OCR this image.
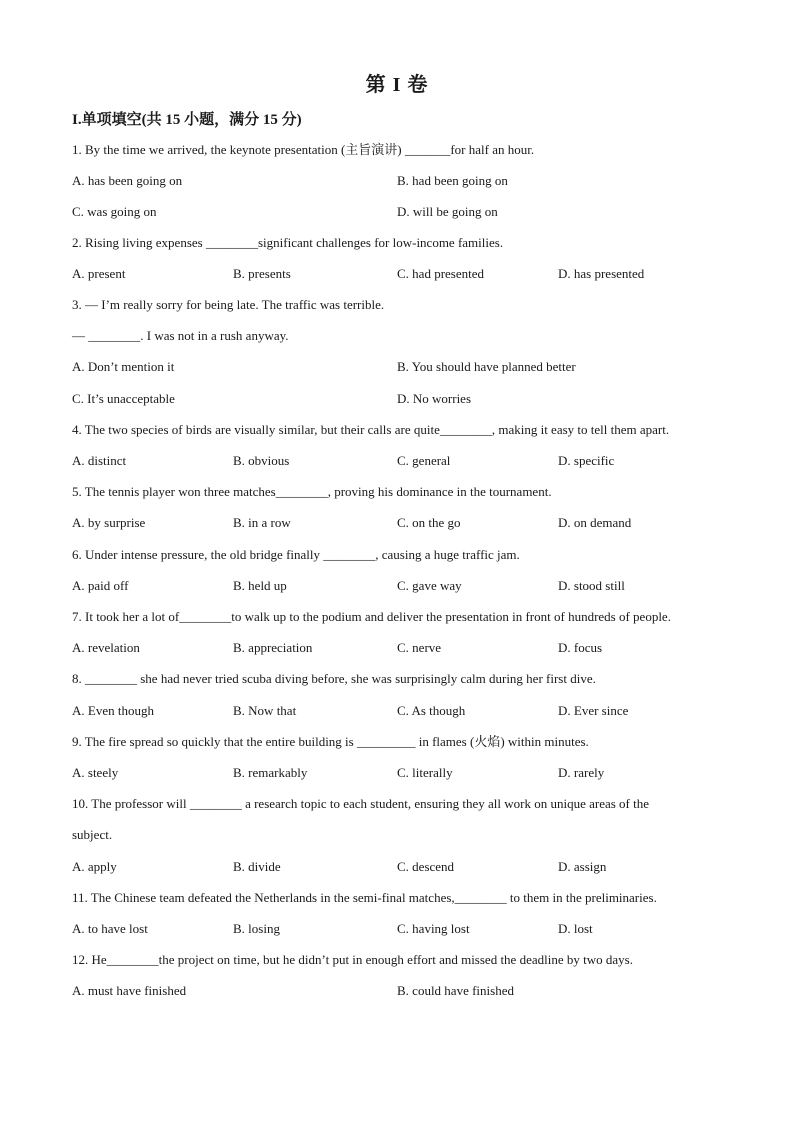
第 I 卷
I.单项填空(共 15 小题，满分 15 分)
1. By the time we arrived, the keynote presentation (主旨演讲) _______for half an hour.
2. Rising living expenses ________significant challenges for low-income families.
3. — I’m really sorry for being late. The traffic was terrible.
— ________. I was not in a rush anyway.
4. The two species of birds are visually similar, but their calls are quite________, making it easy to tell them apart.
5. The tennis player won three matches________, proving his dominance in the tournament.
6. Under intense pressure, the old bridge finally ________, causing a huge traffic jam.
7. It took her a lot of________to walk up to the podium and deliver the presentation in front of hundreds of people.
8. ________ she had never tried scuba diving before, she was surprisingly calm during her first dive.
9. The fire spread so quickly that the entire building is _________ in flames (火焰) within minutes.
10. The professor will ________ a research topic to each student, ensuring they all work on unique areas of the
subject.
11. The Chinese team defeated the Netherlands in the semi-final matches,________ to them in the preliminaries.
12. He________the project on time, but he didn’t put in enough effort and missed the deadline by two days.
A. has been going on	B. had been going on
C. was going on	D. will be going on
A. present	B. presents	C. had presented	D. has presented
A. Don’t mention it	B. You should have planned better
C. It’s unacceptable	D. No worries
A. distinct	B. obvious	C. general	D. specific
A. by surprise	B. in a row	C. on the go	D. on demand
A. paid off	B. held up	C. gave way	D. stood still
A. revelation	B. appreciation	C. nerve	D. focus
A. Even though	B. Now that	C. As though	D. Ever since
A. steely	B. remarkably	C. literally	D. rarely
A. apply	B. divide	C. descend	D. assign
A. to have lost	B. losing	C. having lost	D. lost
A. must have finished	B. could have finished
